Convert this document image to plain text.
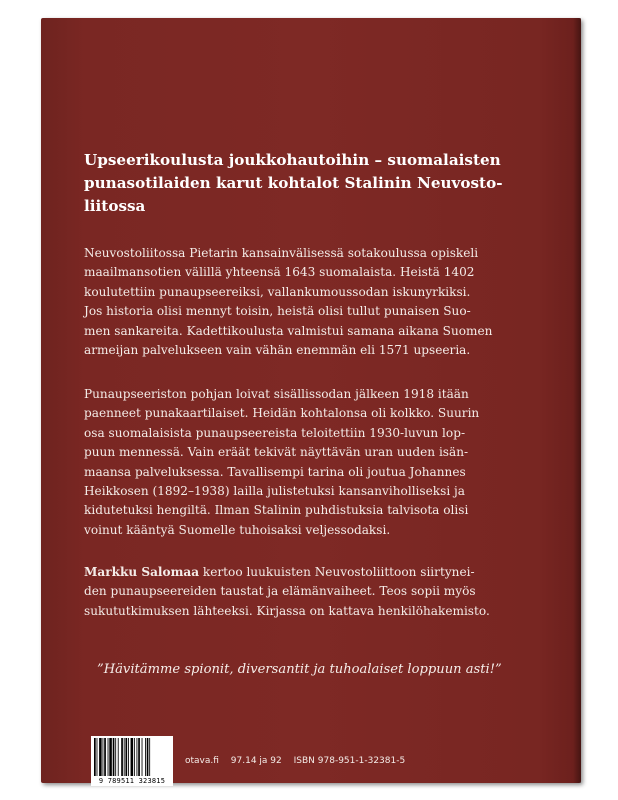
Upseerikoulusta joukkohautoihin – suomalaisten
punasotilaiden karut kohtalot Stalinin Neuvosto-
liitossa
Neuvostoliitossa Pietarin kansainvälisessä sotakoulussa opiskeli
maailmansotien välillä yhteensä 1643 suomalaista. Heistä 1402
koulutettiin punaupseereiksi, vallankumoussodan iskunyrkiksi.
Jos historia olisi mennyt toisin, heistä olisi tullut punaisen Suo-
men sankareita. Kadettikoulusta valmistui samana aikana Suomen
armeijan palvelukseen vain vähän enemmän eli 1571 upseeria.
Punaupseeriston pohjan loivat sisällissodan jälkeen 1918 itään
paenneet punakaartilaiset. Heidän kohtalonsa oli kolkko. Suurin
osa suomalaisista punaupseereista teloitettiin 1930-luvun lop-
puun mennessä. Vain eräät tekivät näyttävän uran uuden isän-
maansa palveluksessa. Tavallisempi tarina oli joutua Johannes
Heikkosen (1892–1938) lailla julistetuksi kansanviholliseksi ja
kidutetuksi hengiltä. Ilman Stalinin puhdistuksia talvisota olisi
voinut kääntyä Suomelle tuhoisaksi veljessodaksi.
Markku Salomaa kertoo luukuisten Neuvostoliittoon siirtynei-
den punaupseereiden taustat ja elämänvaiheet. Teos sopii myös
sukututkimuksen lähteeksi. Kirjassa on kattava henkilöhakemisto.
”Hävitämme spionit, diversantit ja tuhoalaiset loppuun asti!”
9 789511 323815
otava.fi 97.14 ja 92 ISBN 978-951-1-32381-5
